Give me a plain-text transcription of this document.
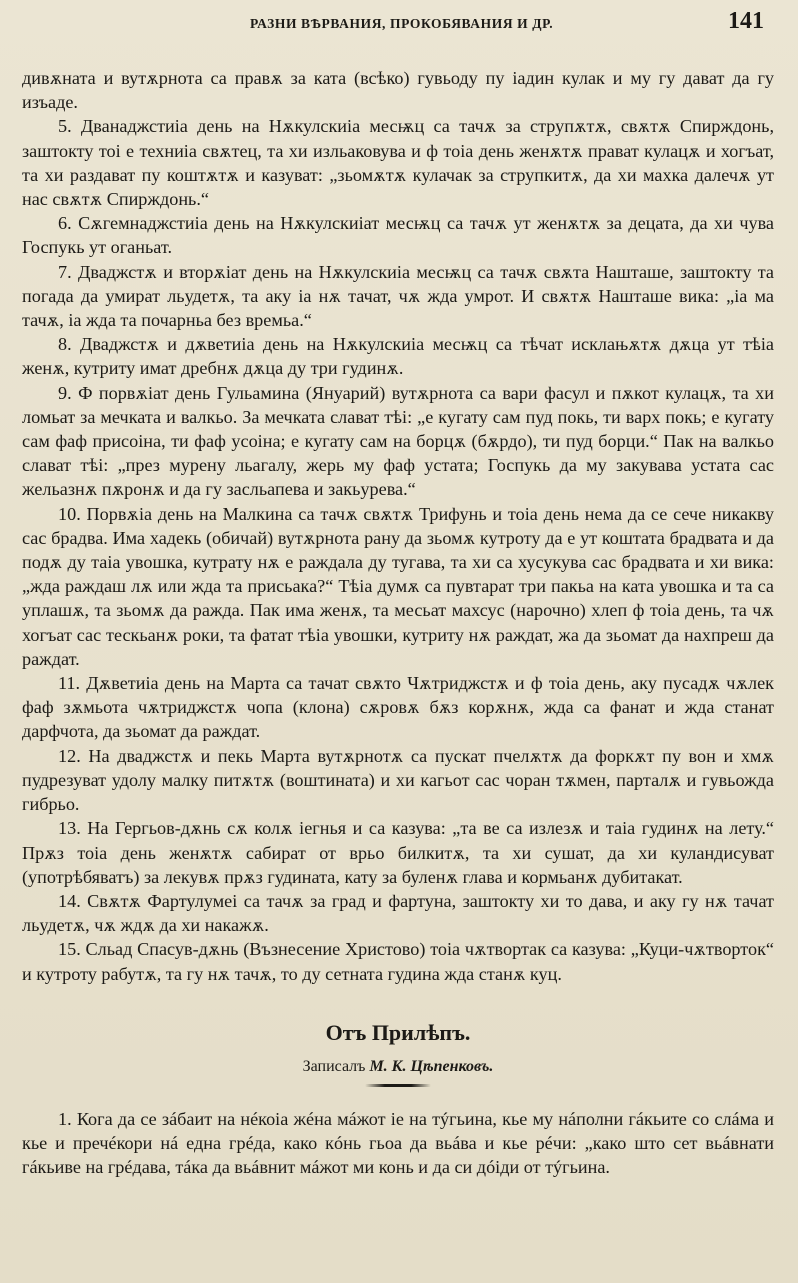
РАЗНИ ВѢРВАНИЯ, ПРОКОБЯВАНИЯ И ДР.	141

дивѫната и вутѫрнота са правѫ за ката (всѣко) гувьоду пу іадин кулак и му гу дават да гу изъаде.

5. Дванаджстиіа день на Нѫкулскиіа месѭц са тачѫ за струпѫтѫ, свѫтѫ Спирждонь, заштокту тоі е техниіа свѫтец, та хи изльаковува и ф тоіа день женѫтѫ прават кулацѫ и хогъат, та хи раздават пу коштѫтѫ и казуват: „зьомѫтѫ кулачак за струпкитѫ, да хи махка далечѫ ут нас свѫтѫ Спирждонь.“

6. Сѫгемнаджстиіа день на Нѫкулскиіат месѭц са тачѫ ут женѫтѫ за децата, да хи чува Госпукь ут оганьат.

7. Дваджстѫ и вторѫіат день на Нѫкулскиіа месѭц са тачѫ свѫта Нашташе, заштокту та погада да умират льудетѫ, та аку іа нѫ тачат, чѫ жда умрот. И свѫтѫ Нашташе вика: „іа ма тачѫ, іа жда та почарньа без времьа.“

8. Дваджстѫ и дѫветиіа день на Нѫкулскиіа месѭц са тѣчат исклањѫтѫ дѫца ут тѣіа женѫ, кутриту имат дребнѫ дѫца ду три гудинѫ.

9. Ф порвѫіат день Гульамина (Януарий) вутѫрнота са вари фасул и пѫкот кулацѫ, та хи ломьат за мечката и валкьо. За мечката слават тѣі: „е кугату сам пуд покь, ти варх покь; е кугату сам фаф присоіна, ти фаф усоіна; е кугату сам на борцѫ (бѫрдо), ти пуд борци.“ Пак на валкьо слават тѣі: „през мурену льагалу, жерь му фаф устата; Госпукь да му закувава устата сас жельазнѫ пѫронѫ и да гу засльапева и закьурева.“

10. Порвѫіа день на Малкина са тачѫ свѫтѫ Трифунь и тоіа день нема да се сече никакву сас брадва. Има хадекь (обичай) вутѫрнота рану да зьомѫ кутроту да е ут коштата брадвата и да подѫ ду таіа увошка, кутрату нѫ е раждала ду тугава, та хи са хусукува сас брадвата и хи вика: „жда раждаш лѫ или жда та присьака?“ Тѣіа думѫ са пувтарат три пакьа на ката увошка и та са уплашѫ, та зьомѫ да ражда. Пак има женѫ, та месьат махсус (нарочно) хлеп ф тоіа день, та чѫ хогъат сас тескьанѫ роки, та фатат тѣіа увошки, кутриту нѫ раждат, жа да зьомат да нахпреш да раждат.

11. Дѫветиіа день на Марта са тачат свѫто Чѫтриджстѫ и ф тоіа день, аку пусадѫ чѫлек фаф зѫмьота чѫтриджстѫ чопа (клона) сѫровѫ бѫз корѫнѫ, жда са фанат и жда станат дарфчота, да зьомат да раждат.

12. На дваджстѫ и пекь Марта вутѫрнотѫ са пускат пчелѫтѫ да форкѫт пу вон и хмѫ пудрезуват удолу малку питѫтѫ (воштината) и хи кагьот сас чоран тѫмен, парталѫ и гувьожда гибрьо.

13. На Гергьов-дѫнь сѫ колѫ іегнья и са казува: „та ве са излезѫ и таіа гудинѫ на лету.“ Прѫз тоіа день женѫтѫ сабират от врьо билкитѫ, та хи сушат, да хи куландисуват (употрѣбяватъ) за лекувѫ прѫз гудината, кату за буленѫ глава и кормьанѫ дубитакат.

14. Свѫтѫ Фартулумеі са тачѫ за град и фартуна, заштокту хи то дава, и аку гу нѫ тачат льудетѫ, чѫ ждѫ да хи накажѫ.

15. Сльад Спасув-дѫнь (Възнесение Христово) тоіа чѫтвортак са казува: „Куци-чѫтворток“ и кутроту рабутѫ, та гу нѫ тачѫ, то ду сетната гудина жда станѫ куц.

Отъ Прилѣпъ.
Записалъ М. К. Цѣпенковъ.

1. Кога да се зáбаит на нéкоіа жéна мáжот іе на тýгьина, кье му нáполни гáкьите со слáма и кье и пречéкори нá една грéда, како кóнь гьоа да вьáва и кье рéчи: „како што сет вьáвнати гáкьиве на грéдава, тáка да вьáвнит мáжот ми конь и да си дóiди от тýгьина.
